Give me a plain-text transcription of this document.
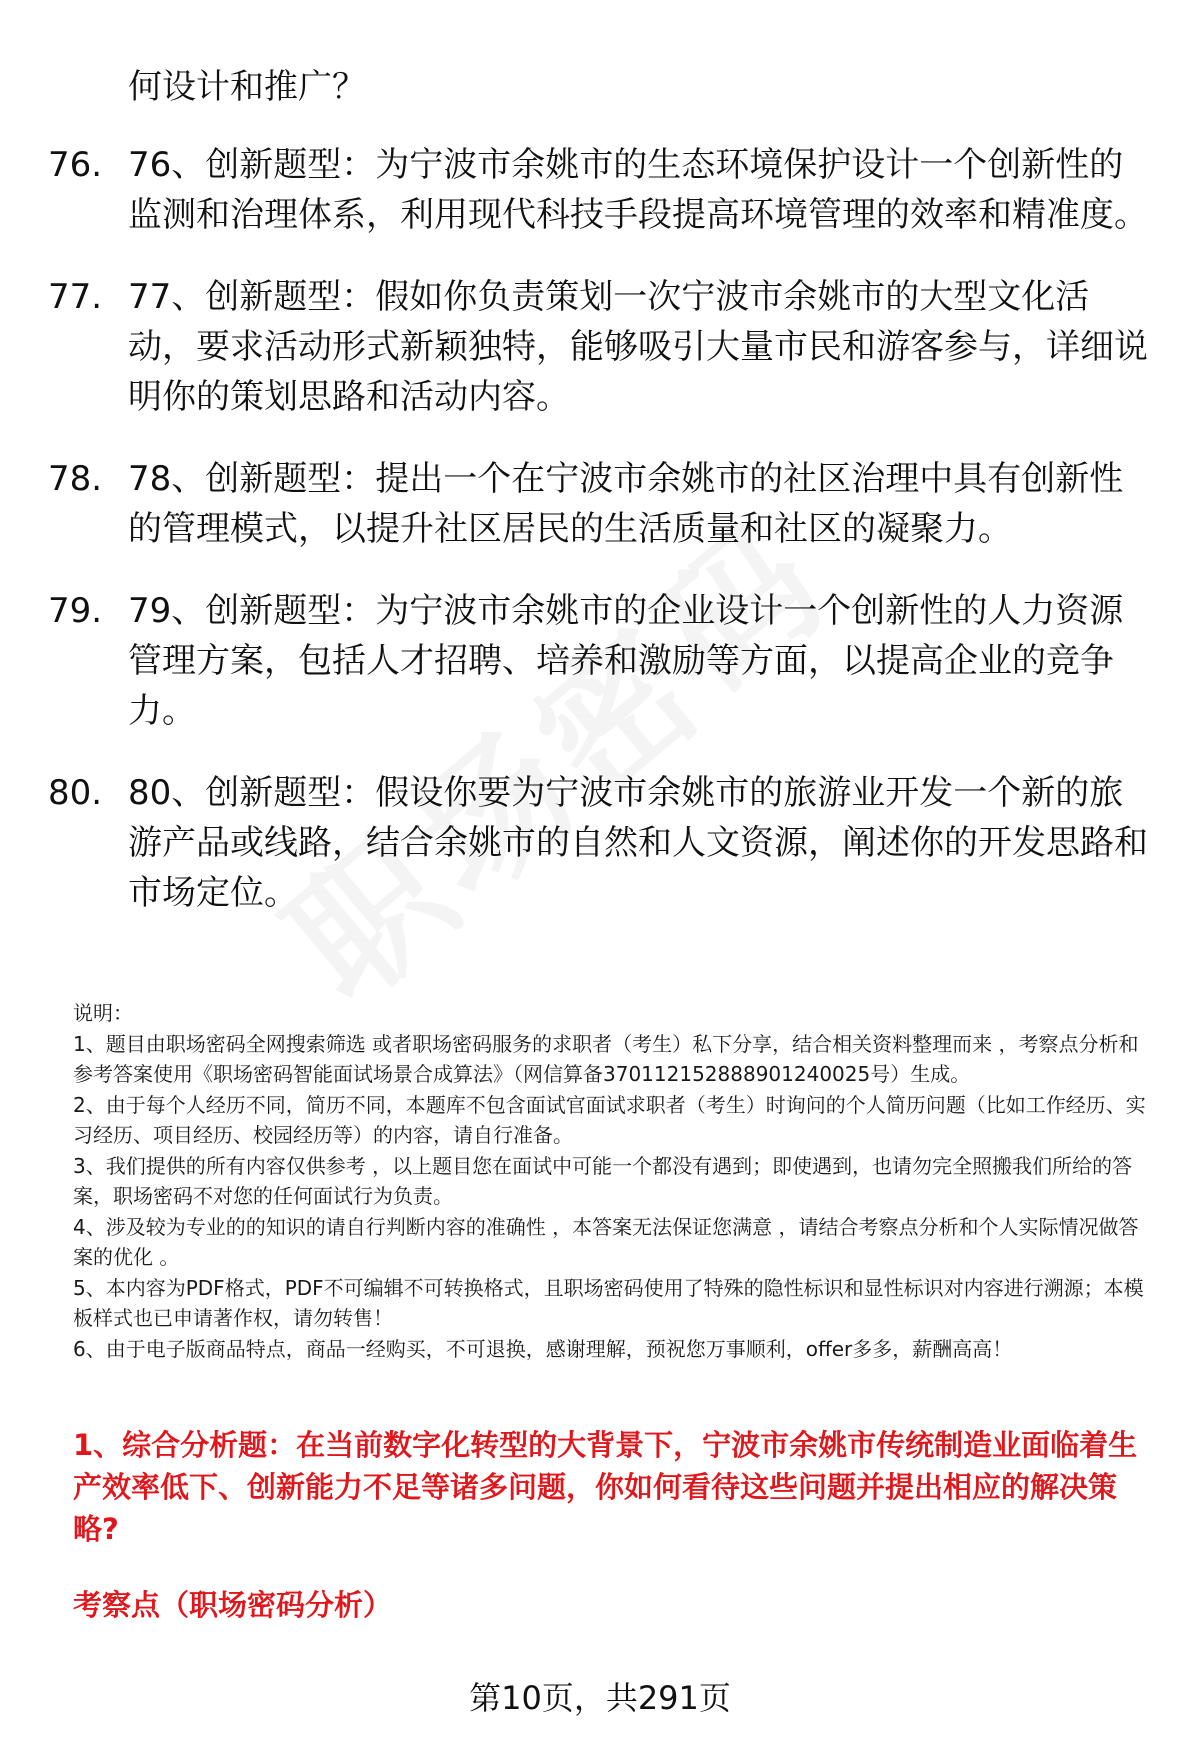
何设计和推广？
76. 76、创新题型：为宁波市余姚市的生态环境保护设计一个创新性的监测和治理体系，利用现代科技手段提高环境管理的效率和精准度。
77. 77、创新题型：假如你负责策划一次宁波市余姚市的大型文化活动，要求活动形式新颖独特，能够吸引大量市民和游客参与，详细说明你的策划思路和活动内容。
78. 78、创新题型：提出一个在宁波市余姚市的社区治理中具有创新性的管理模式，以提升社区居民的生活质量和社区的凝聚力。
79. 79、创新题型：为宁波市余姚市的企业设计一个创新性的人力资源管理方案，包括人才招聘、培养和激励等方面，以提高企业的竞争力。
80. 80、创新题型：假设你要为宁波市余姚市的旅游业开发一个新的旅游产品或线路，结合余姚市的自然和人文资源，阐述你的开发思路和市场定位。

说明：

1、题目由职场密码全网搜索筛选 或者职场密码服务的求职者（考生）私下分享，结合相关资料整理而来 ，考察点分析和参考答案使用《职场密码智能面试场景合成算法》（网信算备370112152888901240025号）生成。

2、由于每个人经历不同，简历不同，本题库不包含面试官面试求职者（考生）时询问的个人简历问题（比如工作经历、实习经历、项目经历、校园经历等）的内容，请自行准备。

3、我们提供的所有内容仅供参考 ，以上题目您在面试中可能一个都没有遇到；即使遇到，也请勿完全照搬我们所给的答案，职场密码不对您的任何面试行为负责。

4、涉及较为专业的的知识的请自行判断内容的准确性 ，本答案无法保证您满意 ，请结合考察点分析和个人实际情况做答案的优化 。

5、本内容为PDF格式，PDF不可编辑不可转换格式，且职场密码使用了特殊的隐性标识和显性标识对内容进行溯源；本模板样式也已申请著作权，请勿转售！

6、由于电子版商品特点，商品一经购买，不可退换，感谢理解，预祝您万事顺利，offer多多，薪酬高高！

1、综合分析题：在当前数字化转型的大背景下，宁波市余姚市传统制造业面临着生产效率低下、创新能力不足等诸多问题，你如何看待这些问题并提出相应的解决策略?
考察点（职场密码分析）
第10页，共291页
